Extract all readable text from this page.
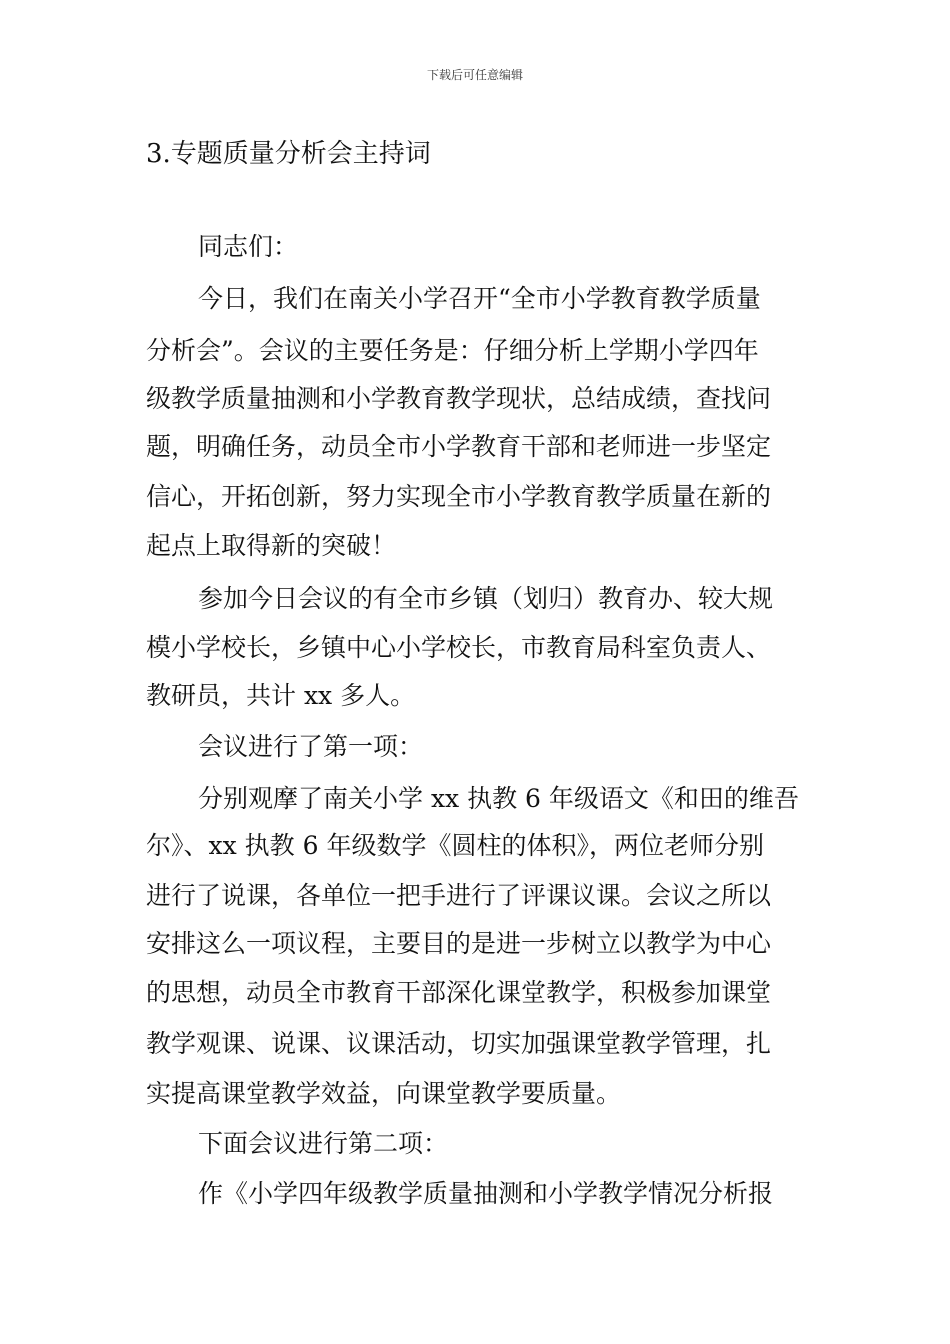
下载后可任意编辑
3.专题质量分析会主持词
同志们：
今日，我们在南关小学召开“全市小学教育教学质量
分析会”。会议的主要任务是：仔细分析上学期小学四年
级教学质量抽测和小学教育教学现状，总结成绩，查找问
题，明确任务，动员全市小学教育干部和老师进一步坚定
信心，开拓创新，努力实现全市小学教育教学质量在新的
起点上取得新的突破！
参加今日会议的有全市乡镇（划归）教育办、较大规
模小学校长，乡镇中心小学校长，市教育局科室负责人、
教研员，共计 xx 多人。
会议进行了第一项：
分别观摩了南关小学 xx 执教 6 年级语文《和田的维吾
尔》、xx 执教 6 年级数学《圆柱的体积》，两位老师分别
进行了说课，各单位一把手进行了评课议课。会议之所以
安排这么一项议程，主要目的是进一步树立以教学为中心
的思想，动员全市教育干部深化课堂教学，积极参加课堂
教学观课、说课、议课活动，切实加强课堂教学管理，扎
实提高课堂教学效益，向课堂教学要质量。
下面会议进行第二项：
作《小学四年级教学质量抽测和小学教学情况分析报
